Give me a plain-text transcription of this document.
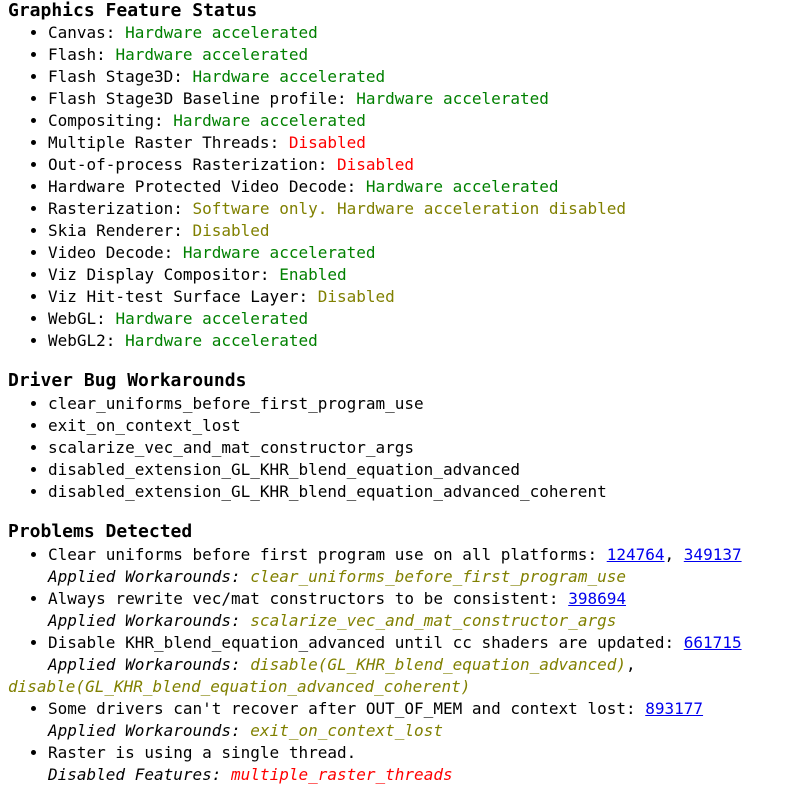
Graphics Feature Status
• Canvas: Hardware accelerated
• Flash: Hardware accelerated
• Flash Stage3D: Hardware accelerated
• Flash Stage3D Baseline profile: Hardware accelerated
• Compositing: Hardware accelerated
• Multiple Raster Threads: Disabled
• Out-of-process Rasterization: Disabled
• Hardware Protected Video Decode: Hardware accelerated
• Rasterization: Software only. Hardware acceleration disabled
• Skia Renderer: Disabled
• Video Decode: Hardware accelerated
• Viz Display Compositor: Enabled
• Viz Hit-test Surface Layer: Disabled
• WebGL: Hardware accelerated
• WebGL2: Hardware accelerated
Driver Bug Workarounds
• clear_uniforms_before_first_program_use
• exit_on_context_lost
• scalarize_vec_and_mat_constructor_args
• disabled_extension_GL_KHR_blend_equation_advanced
• disabled_extension_GL_KHR_blend_equation_advanced_coherent
Problems Detected
• Clear uniforms before first program use on all platforms: 124764, 349137
Applied Workarounds: clear_uniforms_before_first_program_use
• Always rewrite vec/mat constructors to be consistent: 398694
Applied Workarounds: scalarize_vec_and_mat_constructor_args
• Disable KHR_blend_equation_advanced until cc shaders are updated: 661715
Applied Workarounds: disable(GL_KHR_blend_equation_advanced),
disable(GL_KHR_blend_equation_advanced_coherent)
• Some drivers can't recover after OUT_OF_MEM and context lost: 893177
Applied Workarounds: exit_on_context_lost
• Raster is using a single thread.
Disabled Features: multiple_raster_threads
